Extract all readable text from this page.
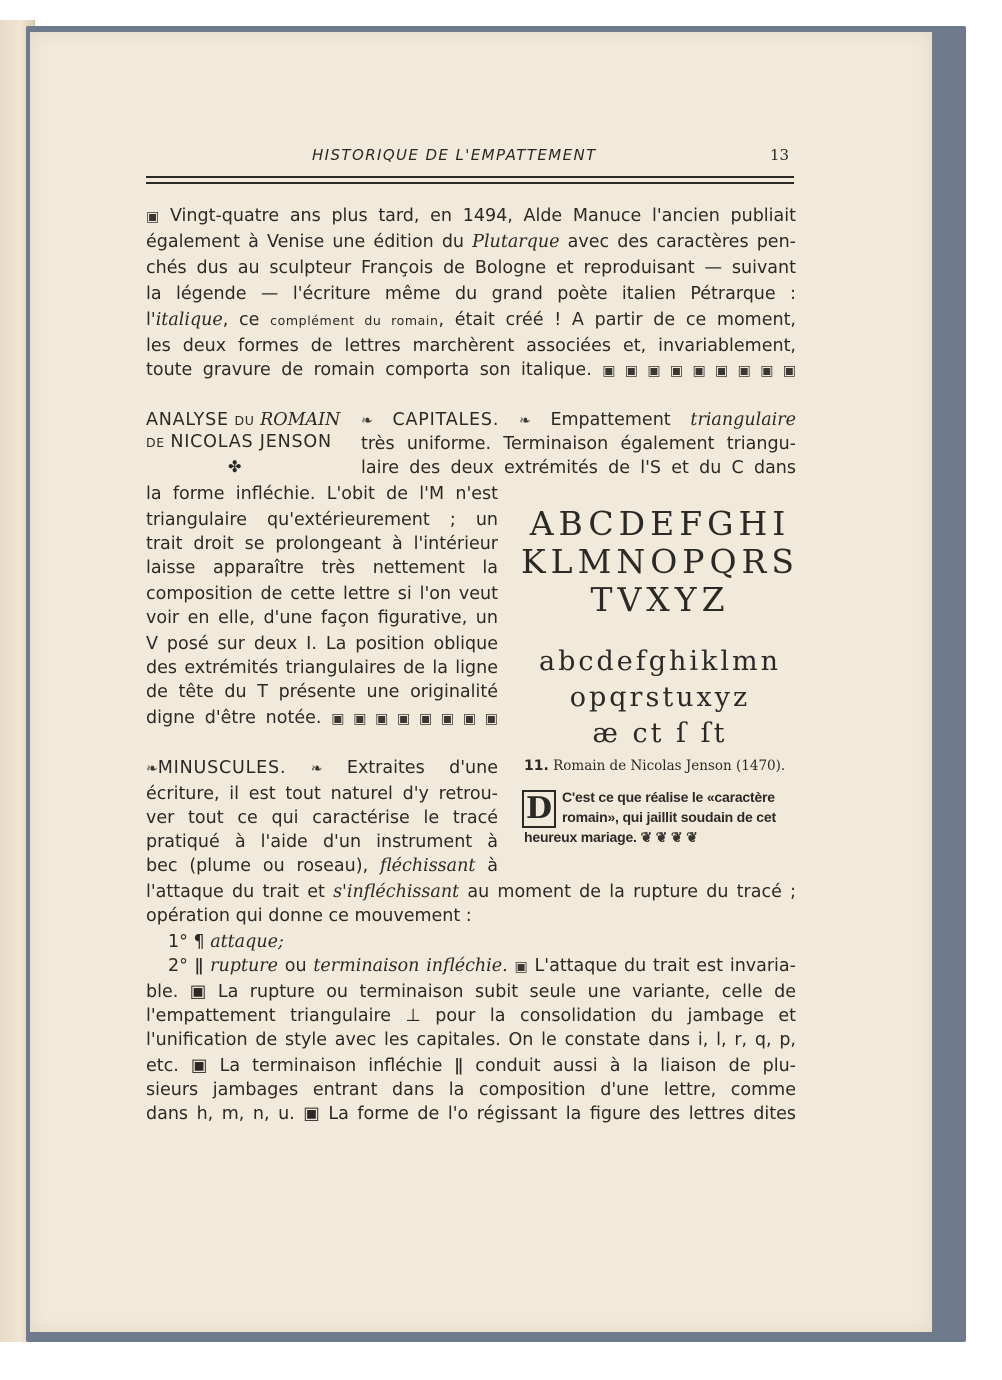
HISTORIQUE DE L'EMPATTEMENT	13
▣ Vingt-quatre ans plus tard, en 1494, Alde Manuce l'ancien publiait
également à Venise une édition du Plutarque avec des caractères pen-
chés dus au sculpteur François de Bologne et reproduisant — suivant
la légende — l'écriture même du grand poète italien Pétrarque :
l'italique, ce complément du romain, était créé ! A partir de ce moment,
les deux formes de lettres marchèrent associées et, invariablement,
toute gravure de romain comporta son italique. ▣ ▣ ▣ ▣ ▣ ▣ ▣ ▣ ▣
ANALYSE DU ROMAIN
DE NICOLAS JENSON
✤
❧ CAPITALES. ❧ Empattement triangulaire
très uniforme. Terminaison également triangu-
laire des deux extrémités de l'S et du C dans
la forme infléchie. L'obit de l'M n'est
triangulaire qu'extérieurement ; un
trait droit se prolongeant à l'intérieur
laisse apparaître très nettement la
composition de cette lettre si l'on veut
voir en elle, d'une façon figurative, un
V posé sur deux I. La position oblique
des extrémités triangulaires de la ligne
de tête du T présente une originalité
digne d'être notée. ▣ ▣ ▣ ▣ ▣ ▣ ▣ ▣
ABCDEFGHI
KLMNOPQRS
TVXYZ
abcdefghiklmn
opqrstuxyz
æ ct ſ ſt
11. Romain de Nicolas Jenson (1470).
D C'est ce que réalise le «caractère
romain», qui jaillit soudain de cet
heureux mariage. ❦ ❦ ❦ ❦
❧MINUSCULES. ❧ Extraites d'une
écriture, il est tout naturel d'y retrou-
ver tout ce qui caractérise le tracé
pratiqué à l'aide d'un instrument à
bec (plume ou roseau), fléchissant à
l'attaque du trait et s'infléchissant au moment de la rupture du tracé ;
opération qui donne ce mouvement :
1° ¶ attaque;
2° ǁ rupture ou terminaison infléchie. ▣ L'attaque du trait est invaria-
ble. ▣ La rupture ou terminaison subit seule une variante, celle de
l'empattement triangulaire ⊥ pour la consolidation du jambage et
l'unification de style avec les capitales. On le constate dans i, l, r, q, p,
etc. ▣ La terminaison infléchie ǁ conduit aussi à la liaison de plu-
sieurs jambages entrant dans la composition d'une lettre, comme
dans h, m, n, u. ▣ La forme de l'o régissant la figure des lettres dites
